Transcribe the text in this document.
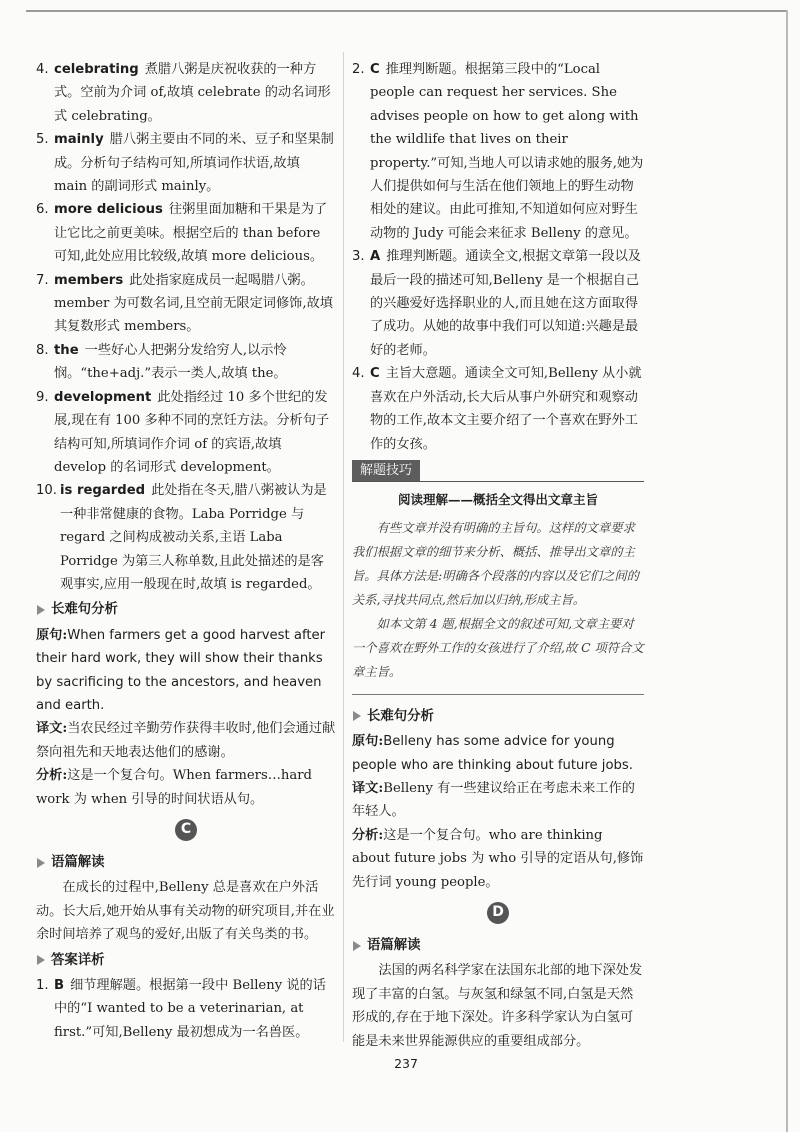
4. celebrating 煮腊八粥是庆祝收获的一种方式。空前为介词 of,故填 celebrate 的动名词形式 celebrating。
5. mainly 腊八粥主要由不同的米、豆子和坚果制成。分析句子结构可知,所填词作状语,故填 main 的副词形式 mainly。
6. more delicious 往粥里面加糖和干果是为了让它比之前更美味。根据空后的 than before 可知,此处应用比较级,故填 more delicious。
7. members 此处指家庭成员一起喝腊八粥。member 为可数名词,且空前无限定词修饰,故填其复数形式 members。
8. the 一些好心人把粥分发给穷人,以示怜悯。“the+adj.”表示一类人,故填 the。
9. development 此处指经过 10 多个世纪的发展,现在有 100 多种不同的烹饪方法。分析句子结构可知,所填词作介词 of 的宾语,故填 develop 的名词形式 development。
10. is regarded 此处指在冬天,腊八粥被认为是一种非常健康的食物。Laba Porridge 与 regard 之间构成被动关系,主语 Laba Porridge 为第三人称单数,且此处描述的是客观事实,应用一般现在时,故填 is regarded。
长难句分析
原句:When farmers get a good harvest after their hard work, they will show their thanks by sacrificing to the ancestors, and heaven and earth.
译文:当农民经过辛勤劳作获得丰收时,他们会通过献祭向祖先和天地表达他们的感谢。
分析:这是一个复合句。When farmers…hard work 为 when 引导的时间状语从句。
C
语篇解读

在成长的过程中,Belleny 总是喜欢在户外活动。长大后,她开始从事有关动物的研究项目,并在业余时间培养了观鸟的爱好,出版了有关鸟类的书。

答案详析
1. B 细节理解题。根据第一段中 Belleny 说的话中的“I wanted to be a veterinarian, at first.”可知,Belleny 最初想成为一名兽医。
2. C 推理判断题。根据第三段中的“Local people can request her services. She advises people on how to get along with the wildlife that lives on their property.”可知,当地人可以请求她的服务,她为人们提供如何与生活在他们领地上的野生动物相处的建议。由此可推知,不知道如何应对野生动物的 Judy 可能会来征求 Belleny 的意见。
3. A 推理判断题。通读全文,根据文章第一段以及最后一段的描述可知,Belleny 是一个根据自己的兴趣爱好选择职业的人,而且她在这方面取得了成功。从她的故事中我们可以知道:兴趣是最好的老师。
4. C 主旨大意题。通读全文可知,Belleny 从小就喜欢在户外活动,长大后从事户外研究和观察动物的工作,故本文主要介绍了一个喜欢在野外工作的女孩。
解题技巧
阅读理解——概括全文得出文章主旨

有些文章并没有明确的主旨句。这样的文章要求我们根据文章的细节来分析、概括、推导出文章的主旨。具体方法是:明确各个段落的内容以及它们之间的关系,寻找共同点,然后加以归纳,形成主旨。

如本文第 4 题,根据全文的叙述可知,文章主要对一个喜欢在野外工作的女孩进行了介绍,故 C 项符合文章主旨。

长难句分析
原句:Belleny has some advice for young people who are thinking about future jobs.
译文:Belleny 有一些建议给正在考虑未来工作的年轻人。
分析:这是一个复合句。who are thinking about future jobs 为 who 引导的定语从句,修饰先行词 young people。
D
语篇解读

法国的两名科学家在法国东北部的地下深处发现了丰富的白氢。与灰氢和绿氢不同,白氢是天然形成的,存在于地下深处。许多科学家认为白氢可能是未来世界能源供应的重要组成部分。

237
